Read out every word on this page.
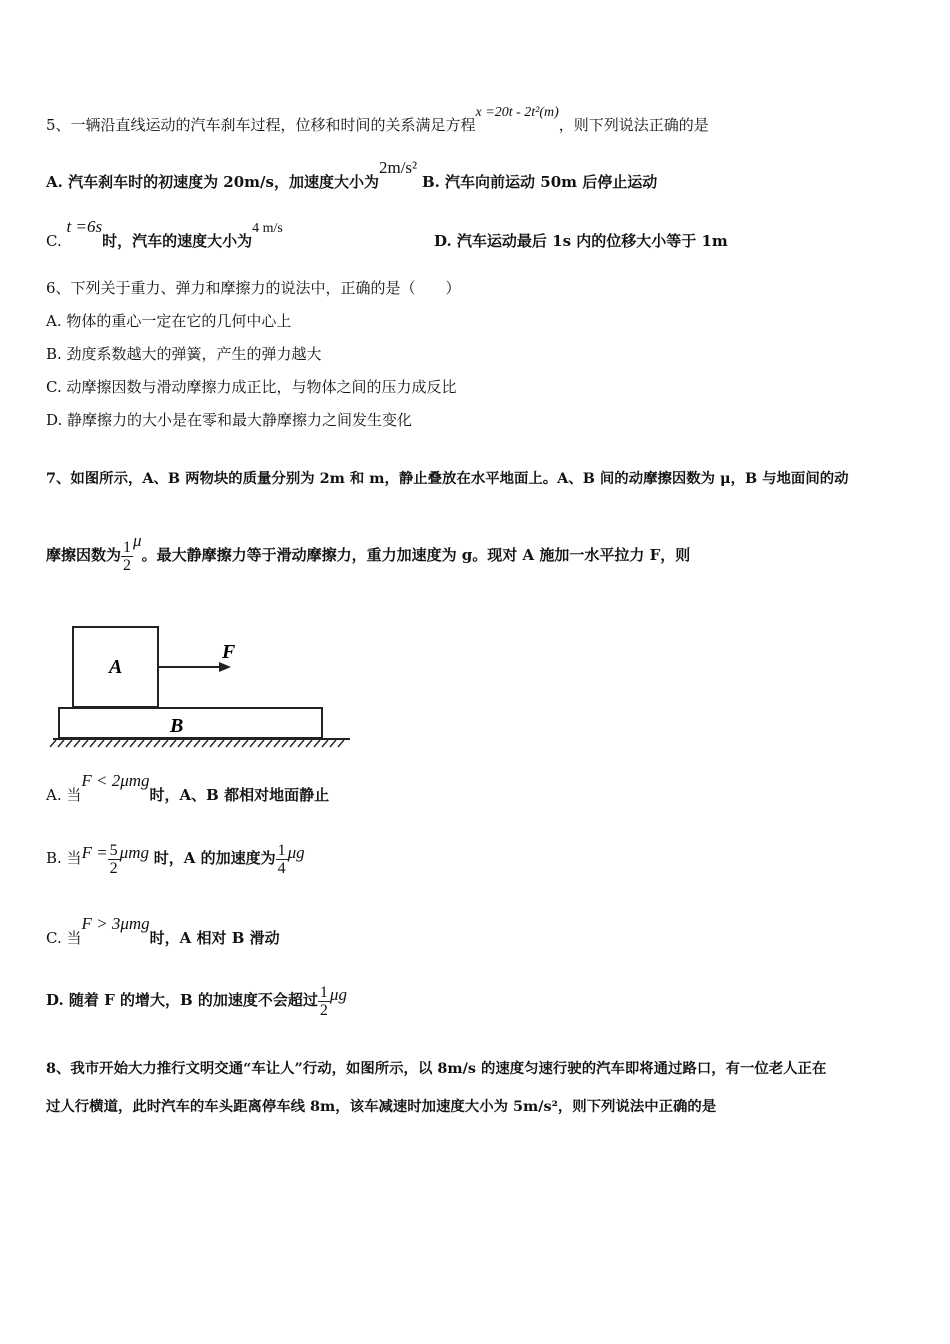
5、一辆沿直线运动的汽车刹车过程，位移和时间的关系满足方程x =20t - 2t²(m)，则下列说法正确的是
A. 汽车刹车时的初速度为 20m/s，加速度大小为2m/s² B. 汽车向前运动 50m 后停止运动
C. t =6s时，汽车的速度大小为4 m/s
D. 汽车运动最后 1s 内的位移大小等于 1m
6、下列关于重力、弹力和摩擦力的说法中，正确的是（　　）
A. 物体的重心一定在它的几何中心上
B. 劲度系数越大的弹簧，产生的弹力越大
C. 动摩擦因数与滑动摩擦力成正比，与物体之间的压力成反比
D. 静摩擦力的大小是在零和最大静摩擦力之间发生变化
7、如图所示，A、B 两物块的质量分别为 2m 和 m，静止叠放在水平地面上。A、B 间的动摩擦因数为 μ，B 与地面间的动
摩擦因数为 $\frac{1}{2}$ μ。最大静摩擦力等于滑动摩擦力，重力加速度为 g。现对 A 施加一水平拉力 F，则
A
F
B
A. 当F < 2μmg时，A、B 都相对地面静止
B. 当$F = \frac{5}{2}$ μmg 时，A 的加速度为 $\frac{1}{4}$ μg
C. 当F > 3μmg时，A 相对 B 滑动
D. 随着 F 的增大，B 的加速度不会超过 $\frac{1}{2}$ μg
8、我市开始大力推行文明交通“车让人”行动，如图所示，以 8m/s 的速度匀速行驶的汽车即将通过路口，有一位老人正在
过人行横道，此时汽车的车头距离停车线 8m，该车减速时加速度大小为 5m/s²，则下列说法中正确的是
